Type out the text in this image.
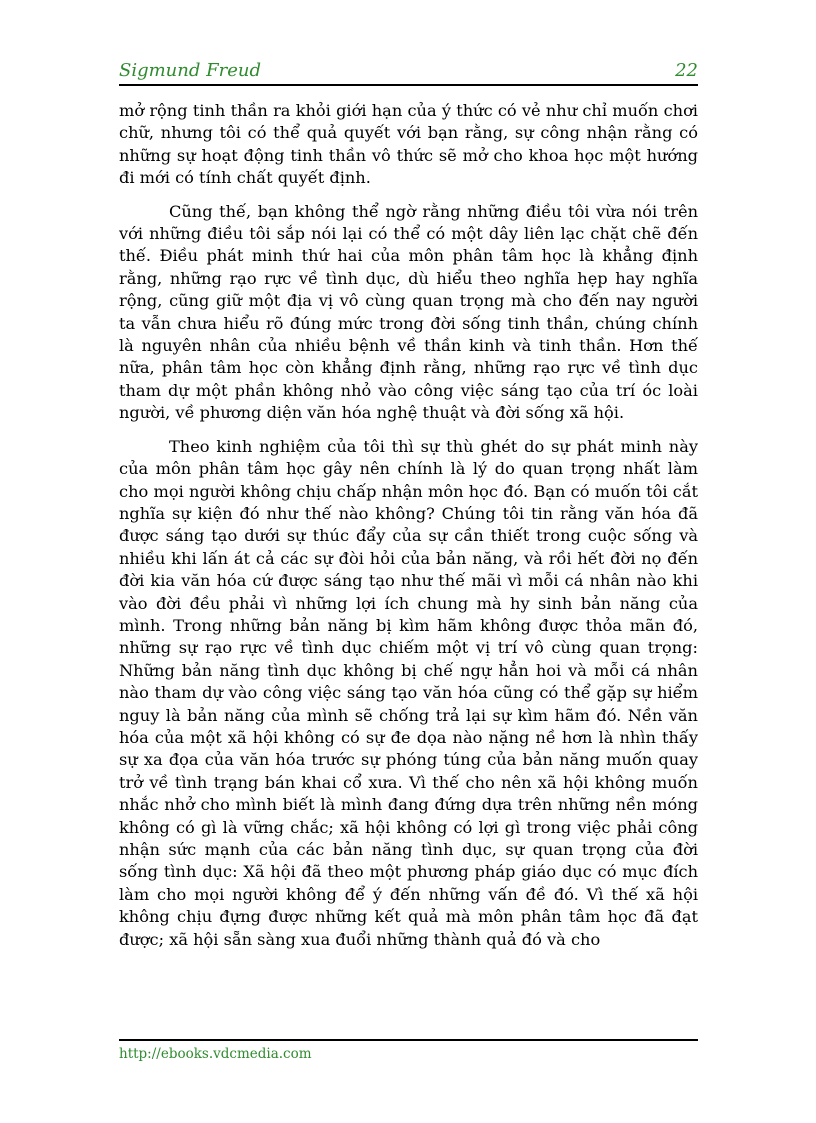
Sigmund Freud	22

mở rộng tinh thần ra khỏi giới hạn của ý thức có vẻ như chỉ muốn chơi chữ, nhưng tôi có thể quả quyết với bạn rằng, sự công nhận rằng có những sự hoạt động tinh thần vô thức sẽ mở cho khoa học một hướng đi mới có tính chất quyết định.

Cũng thế, bạn không thể ngờ rằng những điều tôi vừa nói trên với những điều tôi sắp nói lại có thể có một dây liên lạc chặt chẽ đến thế. Điều phát minh thứ hai của môn phân tâm học là khẳng định rằng, những rạo rực về tình dục, dù hiểu theo nghĩa hẹp hay nghĩa rộng, cũng giữ một địa vị vô cùng quan trọng mà cho đến nay người ta vẫn chưa hiểu rõ đúng mức trong đời sống tinh thần, chúng chính là nguyên nhân của nhiều bệnh về thần kinh và tinh thần. Hơn thế nữa, phân tâm học còn khẳng định rằng, những rạo rực về tình dục tham dự một phần không nhỏ vào công việc sáng tạo của trí óc loài người, về phương diện văn hóa nghệ thuật và đời sống xã hội.

Theo kinh nghiệm của tôi thì sự thù ghét do sự phát minh này của môn phân tâm học gây nên chính là lý do quan trọng nhất làm cho mọi người không chịu chấp nhận môn học đó. Bạn có muốn tôi cắt nghĩa sự kiện đó như thế nào không? Chúng tôi tin rằng văn hóa đã được sáng tạo dưới sự thúc đẩy của sự cần thiết trong cuộc sống và nhiều khi lấn át cả các sự đòi hỏi của bản năng, và rồi hết đời nọ đến đời kia văn hóa cứ được sáng tạo như thế mãi vì mỗi cá nhân nào khi vào đời đều phải vì những lợi ích chung mà hy sinh bản năng của mình. Trong những bản năng bị kìm hãm không được thỏa mãn đó, những sự rạo rực về tình dục chiếm một vị trí vô cùng quan trọng: Những bản năng tình dục không bị chế ngự hẳn hoi và mỗi cá nhân nào tham dự vào công việc sáng tạo văn hóa cũng có thể gặp sự hiểm nguy là bản năng của mình sẽ chống trả lại sự kìm hãm đó. Nền văn hóa của một xã hội không có sự đe dọa nào nặng nề hơn là nhìn thấy sự xa đọa của văn hóa trước sự phóng túng của bản năng muốn quay trở về tình trạng bán khai cổ xưa. Vì thế cho nên xã hội không muốn nhắc nhở cho mình biết là mình đang đứng dựa trên những nền móng không có gì là vững chắc; xã hội không có lợi gì trong việc phải công nhận sức mạnh của các bản năng tình dục, sự quan trọng của đời sống tình dục: Xã hội đã theo một phương pháp giáo dục có mục đích làm cho mọi người không để ý đến những vấn đề đó. Vì thế xã hội không chịu đựng được những kết quả mà môn phân tâm học đã đạt được; xã hội sẵn sàng xua đuổi những thành quả đó và cho

http://ebooks.vdcmedia.com
